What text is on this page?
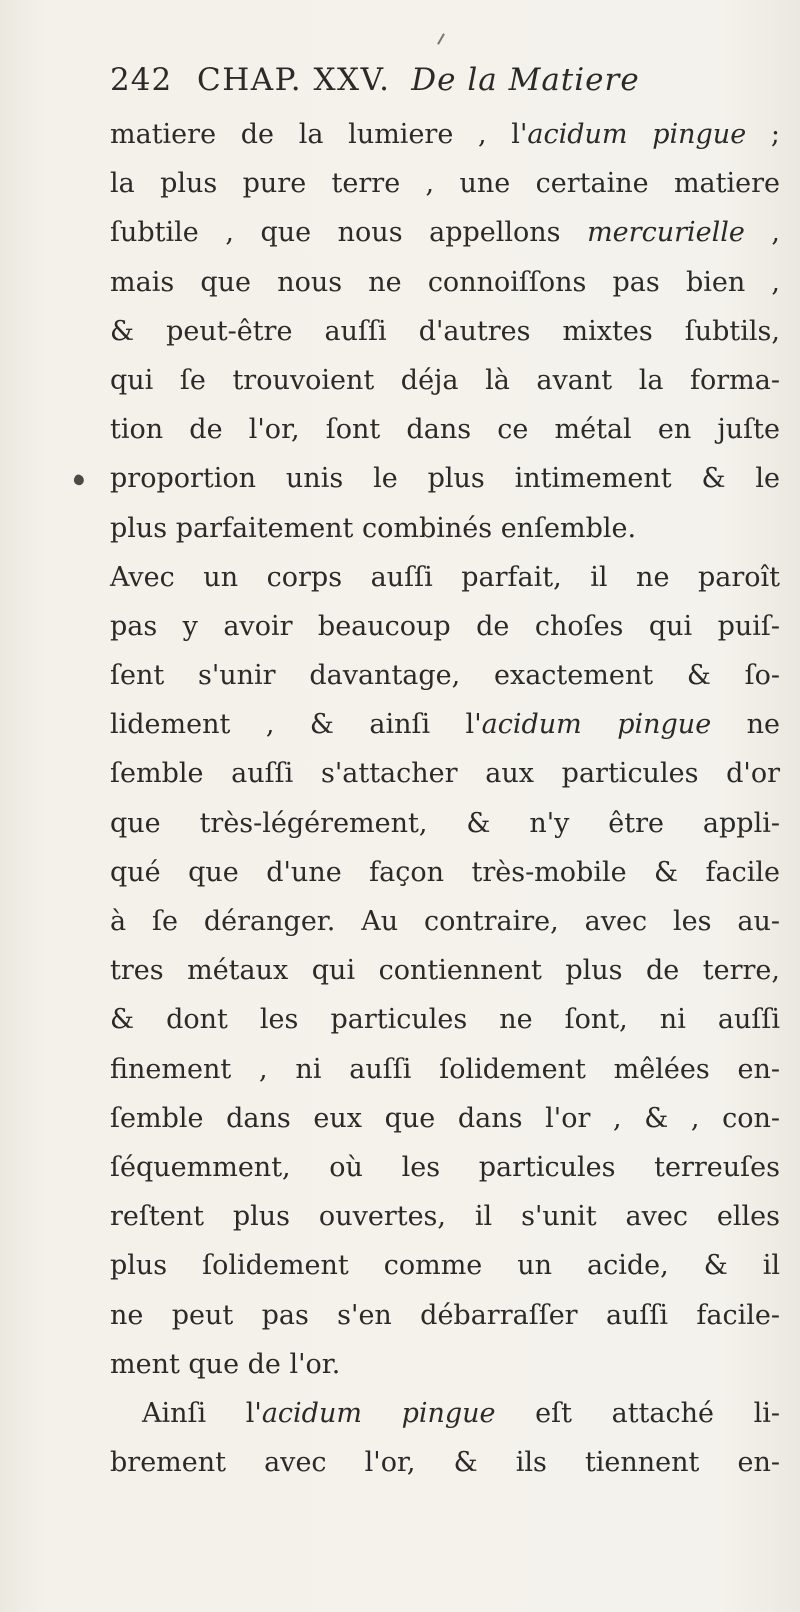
242 CHAP. XXV. De la Matiere
matiere de la lumiere , l'acidum pingue ;
la plus pure terre , une certaine matiere
ſubtile , que nous appellons mercurielle ,
mais que nous ne connoiſſons pas bien ,
& peut-être auſſi d'autres mixtes ſubtils,
qui ſe trouvoient déja là avant la forma-
tion de l'or, ſont dans ce métal en juſte
proportion unis le plus intimement & le
plus parfaitement combinés enſemble.
Avec un corps auſſi parfait, il ne paroît
pas y avoir beaucoup de choſes qui puiſ-
ſent s'unir davantage, exactement & ſo-
lidement , & ainſi l'acidum pingue ne
ſemble auſſi s'attacher aux particules d'or
que très-légérement, & n'y être appli-
qué que d'une façon très-mobile & facile
à ſe déranger. Au contraire, avec les au-
tres métaux qui contiennent plus de terre,
& dont les particules ne ſont, ni auſſi
finement , ni auſſi ſolidement mêlées en-
ſemble dans eux que dans l'or , & , con-
ſéquemment, où les particules terreuſes
reſtent plus ouvertes, il s'unit avec elles
plus ſolidement comme un acide, & il
ne peut pas s'en débarraſſer auſſi facile-
ment que de l'or.
Ainſi l'acidum pingue eſt attaché li-
brement avec l'or, & ils tiennent en-
